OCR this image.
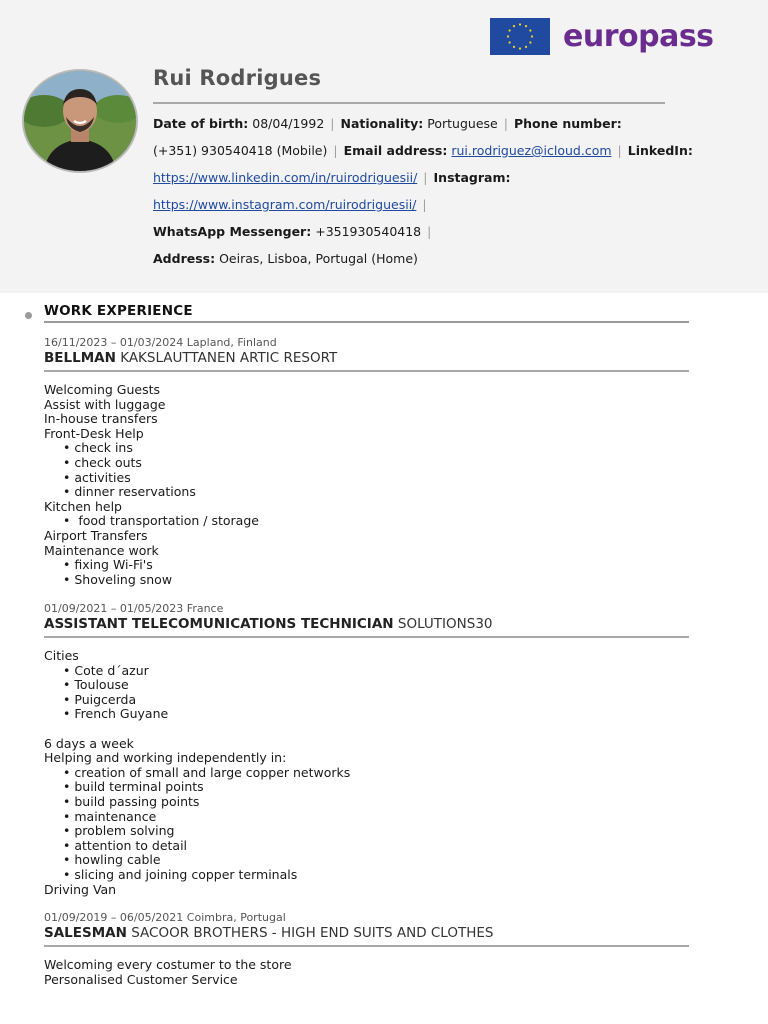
europass
Rui Rodrigues
Date of birth: 08/04/1992 | Nationality: Portuguese | Phone number:
(+351) 930540418 (Mobile) | Email address: rui.rodriguez@icloud.com | LinkedIn:
https://www.linkedin.com/in/ruirodriguesii/ | Instagram:
https://www.instagram.com/ruirodriguesii/ |
WhatsApp Messenger: +351930540418 |
Address: Oeiras, Lisboa, Portugal (Home)
WORK EXPERIENCE
16/11/2023 – 01/03/2024 Lapland, Finland
BELLMAN KAKSLAUTTANEN ARTIC RESORT
Welcoming Guests
Assist with luggage
In-house transfers
Front-Desk Help
• check ins
• check outs
• activities
• dinner reservations
Kitchen help
• food transportation / storage
Airport Transfers
Maintenance work
• fixing Wi-Fi's
• Shoveling snow
01/09/2021 – 01/05/2023 France
ASSISTANT TELECOMUNICATIONS TECHNICIAN SOLUTIONS30
Cities
• Cote d´azur
• Toulouse
• Puigcerda
• French Guyane
6 days a week
Helping and working independently in:
• creation of small and large copper networks
• build terminal points
• build passing points
• maintenance
• problem solving
• attention to detail
• howling cable
• slicing and joining copper terminals
Driving Van
01/09/2019 – 06/05/2021 Coimbra, Portugal
SALESMAN SACOOR BROTHERS - HIGH END SUITS AND CLOTHES
Welcoming every costumer to the store
Personalised Customer Service
